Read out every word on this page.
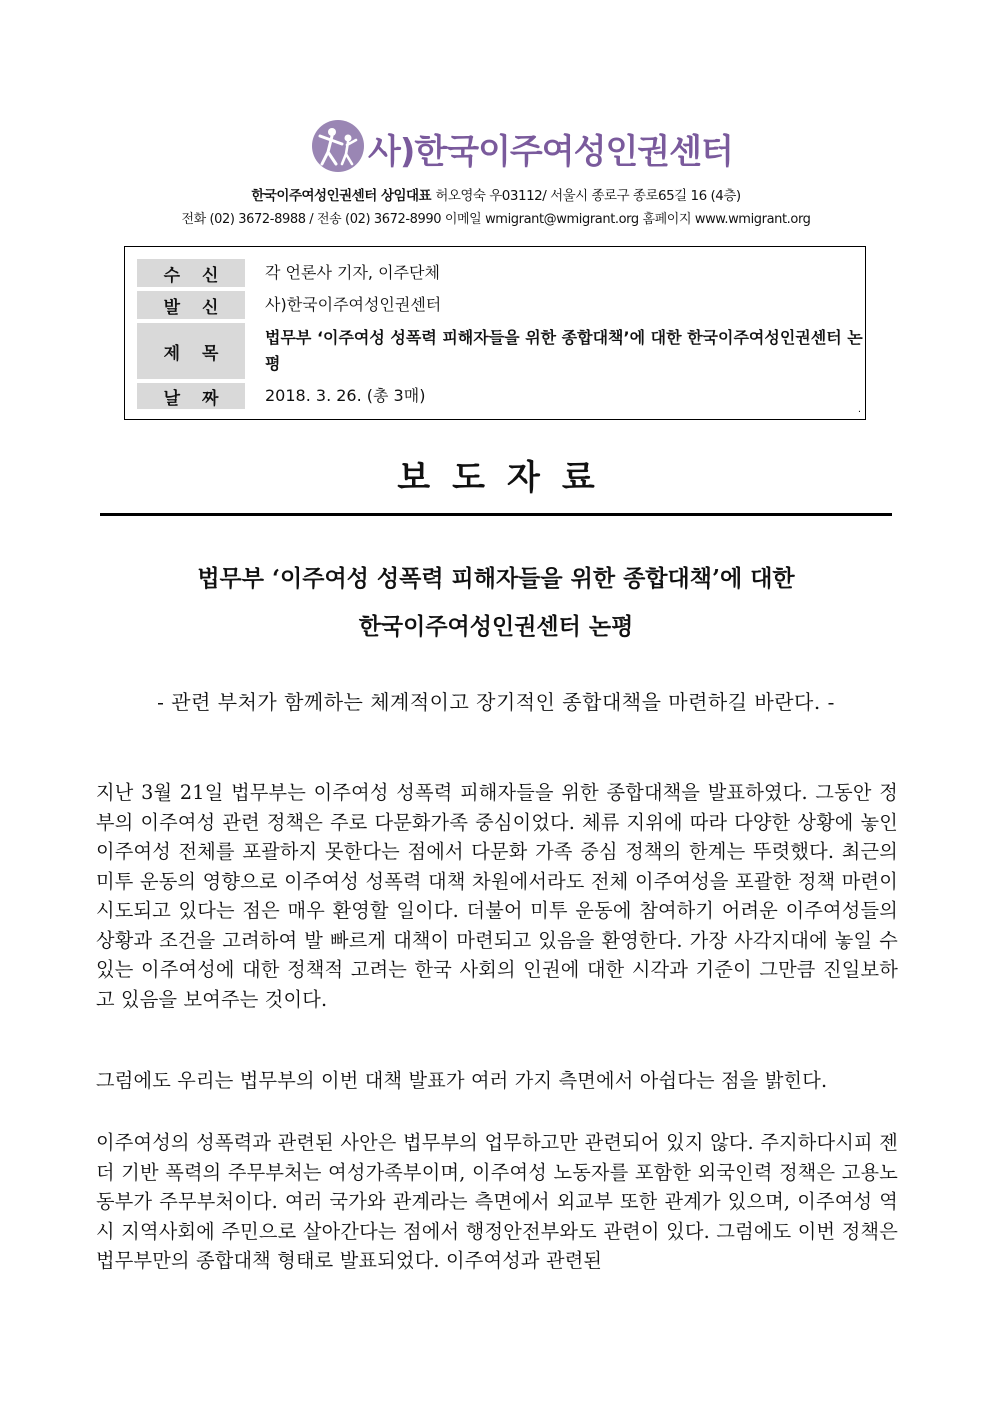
사)한국이주여성인권센터
한국이주여성인권센터 상임대표 허오영숙 우03112/ 서울시 종로구 종로65길 16 (4층)
전화 (02) 3672-8988 / 전송 (02) 3672-8990 이메일 wmigrant@wmigrant.org 홈페이지 www.wmigrant.org
수신 각 언론사 기자, 이주단체
발신 사)한국이주여성인권센터
제목
법무부 ‘이주여성 성폭력 피해자들을 위한 종합대책’에 대한 한국이주여성인권센터 논평
날짜 2018. 3. 26. (총 3매)
.
보도자료
법무부 ‘이주여성 성폭력 피해자들을 위한 종합대책’에 대한
한국이주여성인권센터 논평
- 관련 부처가 함께하는 체계적이고 장기적인 종합대책을 마련하길 바란다. -
지난 3월 21일 법무부는 이주여성 성폭력 피해자들을 위한 종합대책을 발표하였다. 그동안 정부의 이주여성 관련 정책은 주로 다문화가족 중심이었다. 체류 지위에 따라 다양한 상황에 놓인 이주여성 전체를 포괄하지 못한다는 점에서 다문화 가족 중심 정책의 한계는 뚜렷했다. 최근의 미투 운동의 영향으로 이주여성 성폭력 대책 차원에서라도 전체 이주여성을 포괄한 정책 마련이 시도되고 있다는 점은 매우 환영할 일이다. 더불어 미투 운동에 참여하기 어려운 이주여성들의 상황과 조건을 고려하여 발 빠르게 대책이 마련되고 있음을 환영한다. 가장 사각지대에 놓일 수 있는 이주여성에 대한 정책적 고려는 한국 사회의 인권에 대한 시각과 기준이 그만큼 진일보하고 있음을 보여주는 것이다.
그럼에도 우리는 법무부의 이번 대책 발표가 여러 가지 측면에서 아쉽다는 점을 밝힌다.
이주여성의 성폭력과 관련된 사안은 법무부의 업무하고만 관련되어 있지 않다. 주지하다시피 젠더 기반 폭력의 주무부처는 여성가족부이며, 이주여성 노동자를 포함한 외국인력 정책은 고용노동부가 주무부처이다. 여러 국가와 관계라는 측면에서 외교부 또한 관계가 있으며, 이주여성 역시 지역사회에 주민으로 살아간다는 점에서 행정안전부와도 관련이 있다. 그럼에도 이번 정책은 법무부만의 종합대책 형태로 발표되었다. 이주여성과 관련된
